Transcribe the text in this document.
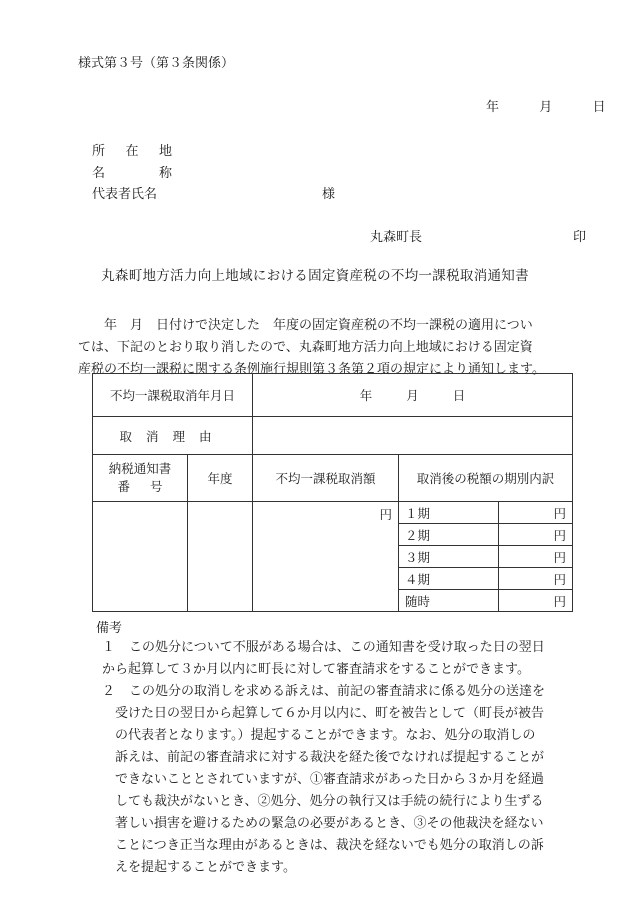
様式第３号（第３条関係）
年	月	日
所在地
名称
代表者氏名	様
丸森町長	印
丸森町地方活力向上地域における固定資産税の不均一課税取消通知書

年　月　日付けで決定した　年度の固定資産税の不均一課税の適用につい

ては、下記のとおり取り消したので、丸森町地方活力向上地域における固定資

産税の不均一課税に関する条例施行規則第３条第２項の規定により通知します。

不均一課税取消年月日		年 月 日		
取消理由				

納税通知書
番号	年度	不均一課税取消額	取消後の税額の期別内訳	
		円	１期	円
			２期	円
			３期	円
			４期	円
			随時	円
備考
１	この処分について不服がある場合は、この通知書を受け取った日の翌日
から起算して３か月以内に町長に対して審査請求をすることができます。
２	この処分の取消しを求める訴えは、前記の審査請求に係る処分の送達を
受けた日の翌日から起算して６か月以内に、町を被告として（町長が被告
の代表者となります。）提起することができます。なお、処分の取消しの
訴えは、前記の審査請求に対する裁決を経た後でなければ提起することが
できないこととされていますが、①審査請求があった日から３か月を経過
しても裁決がないとき、②処分、処分の執行又は手続の続行により生ずる
著しい損害を避けるための緊急の必要があるとき、③その他裁決を経ない
ことにつき正当な理由があるときは、裁決を経ないでも処分の取消しの訴
えを提起することができます。
